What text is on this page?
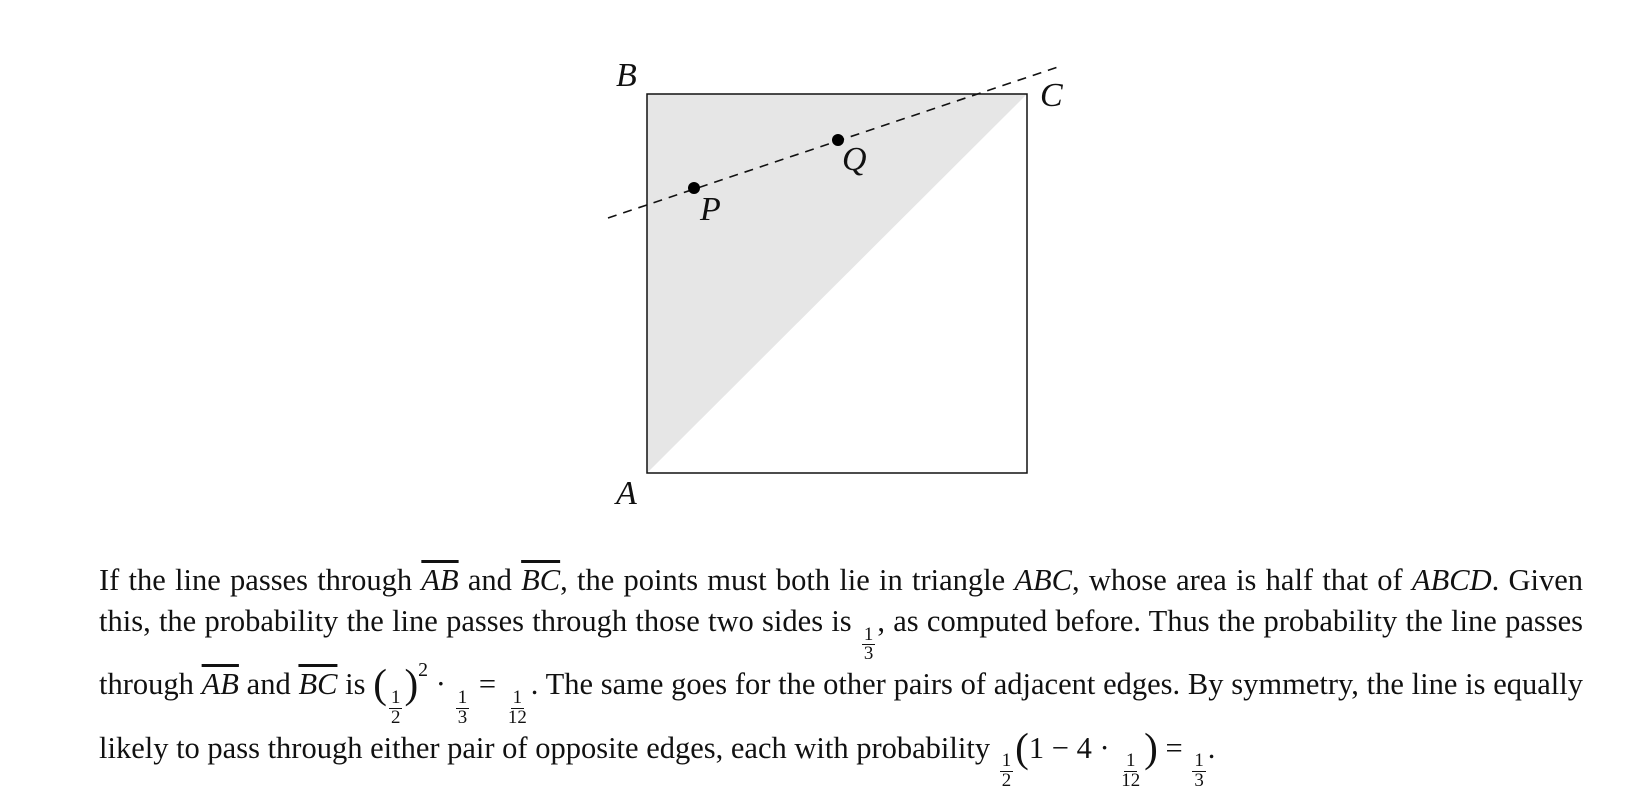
B
C
A
P
Q

If the line passes through $\overline{AB}$ and $\overline{BC}$, the points must both lie in triangle ABC, whose area is half that of ABCD. Given this, the probability the line passes through those two sides is
$\frac{1}{3}$
, as computed before. Thus the probability the line passes through $\overline{AB}$ and $\overline{BC}$ is (
$\frac{1}{2}$
)$^2$ ·
$\frac{1}{3}$
=
$\frac{1}{12}$
. The same goes for the other pairs of adjacent edges. By symmetry, the line is equally likely to pass through either pair of opposite edges, each with probability
$\frac{1}{2}$
(1 − 4 ·
$\frac{1}{12}$
) =
$\frac{1}{3}$
.
